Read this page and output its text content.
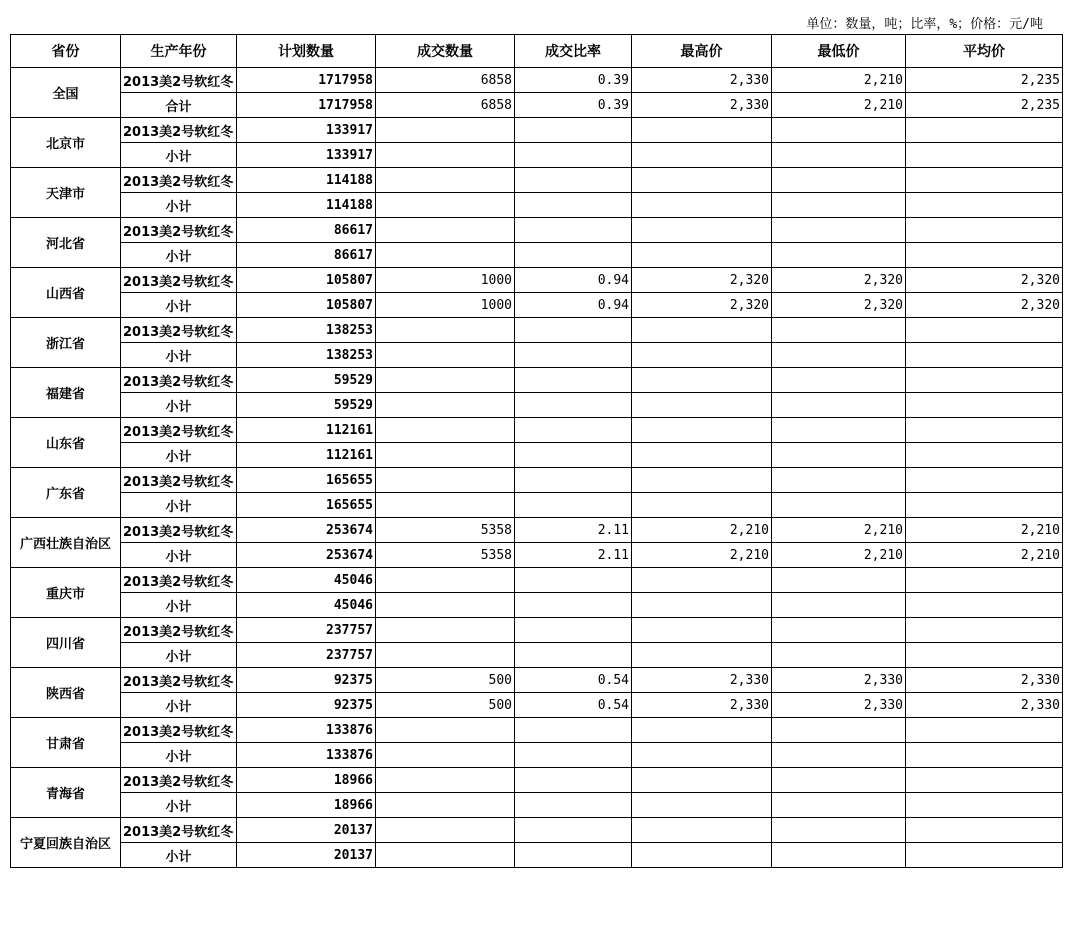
单位：数量，吨；比率，%；价格：元/吨
省份	生产年份	计划数量	成交数量	成交比率	最高价	最低价	平均价
全国	2013美2号软红冬	1717958	6858	0.39	2,330	2,210	2,235
	合计	1717958	6858	0.39	2,330	2,210	2,235
北京市	2013美2号软红冬	133917					
	小计	133917					
天津市	2013美2号软红冬	114188					
	小计	114188					
河北省	2013美2号软红冬	86617					
	小计	86617					
山西省	2013美2号软红冬	105807	1000	0.94	2,320	2,320	2,320
	小计	105807	1000	0.94	2,320	2,320	2,320
浙江省	2013美2号软红冬	138253					
	小计	138253					
福建省	2013美2号软红冬	59529					
	小计	59529					
山东省	2013美2号软红冬	112161					
	小计	112161					
广东省	2013美2号软红冬	165655					
	小计	165655					
广西壮族自治区	2013美2号软红冬	253674	5358	2.11	2,210	2,210	2,210
	小计	253674	5358	2.11	2,210	2,210	2,210
重庆市	2013美2号软红冬	45046					
	小计	45046					
四川省	2013美2号软红冬	237757					
	小计	237757					
陕西省	2013美2号软红冬	92375	500	0.54	2,330	2,330	2,330
	小计	92375	500	0.54	2,330	2,330	2,330
甘肃省	2013美2号软红冬	133876					
	小计	133876					
青海省	2013美2号软红冬	18966					
	小计	18966					
宁夏回族自治区	2013美2号软红冬	20137					
	小计	20137					
